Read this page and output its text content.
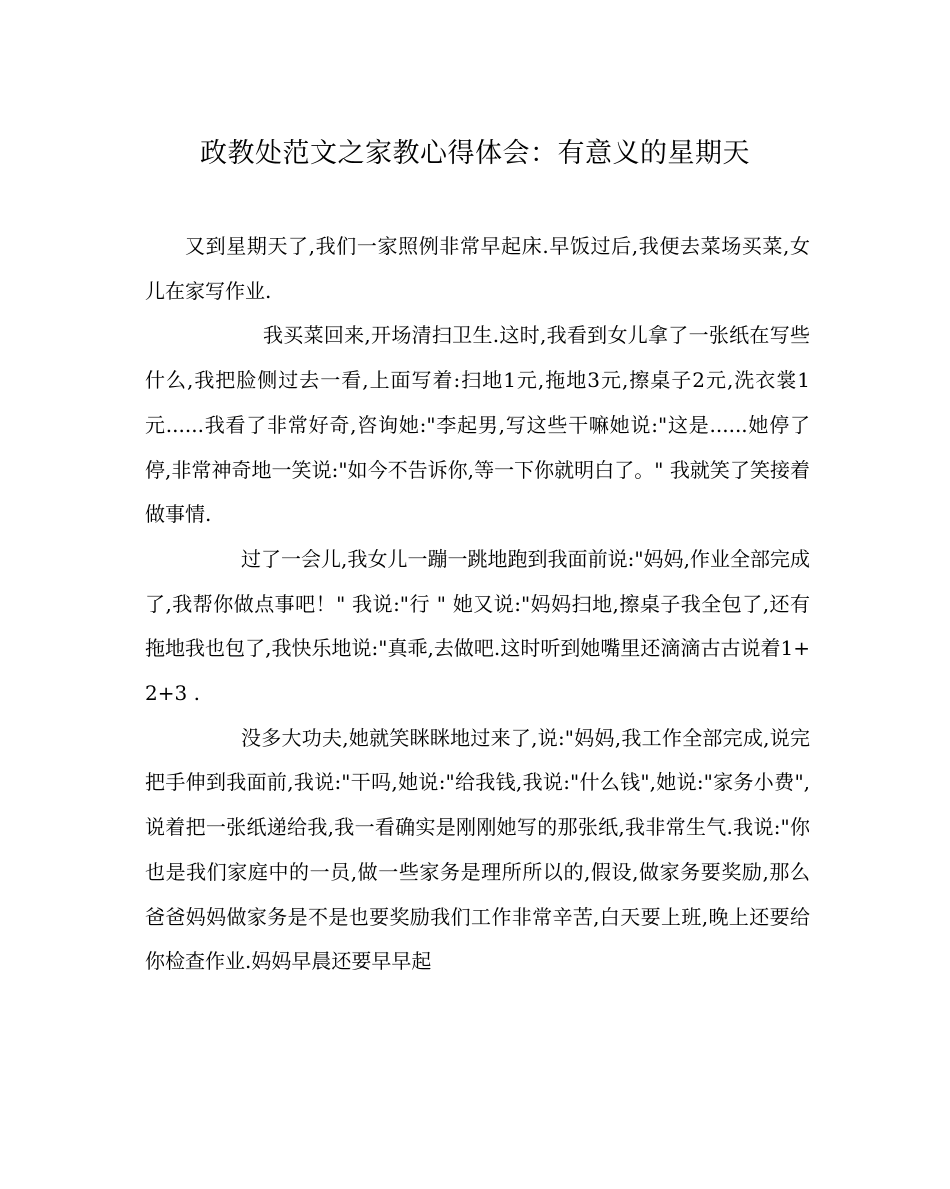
政教处范文之家教心得体会：有意义的星期天

又到星期天了,我们一家照例非常早起床.早饭过后,我便去菜场买菜,女儿在家写作业.

我买菜回来,开场清扫卫生.这时,我看到女儿拿了一张纸在写些什么,我把脸侧过去一看,上面写着:扫地1元,拖地3元,擦桌子2元,洗衣裳1元......我看了非常好奇,咨询她:"李起男,写这些干嘛她说:"这是......她停了停,非常神奇地一笑说:"如今不告诉你,等一下你就明白了。" 我就笑了笑接着做事情.

过了一会儿,我女儿一蹦一跳地跑到我面前说:"妈妈,作业全部完成了,我帮你做点事吧！" 我说:"行 " 她又说:"妈妈扫地,擦桌子我全包了,还有拖地我也包了,我快乐地说:"真乖,去做吧.这时听到她嘴里还滴滴古古说着1+2+3 .

没多大功夫,她就笑眯眯地过来了,说:"妈妈,我工作全部完成,说完把手伸到我面前,我说:"干吗,她说:"给我钱,我说:"什么钱",她说:"家务小费",说着把一张纸递给我,我一看确实是刚刚她写的那张纸,我非常生气.我说:"你也是我们家庭中的一员,做一些家务是理所所以的,假设,做家务要奖励,那么爸爸妈妈做家务是不是也要奖励我们工作非常辛苦,白天要上班,晚上还要给你检查作业.妈妈早晨还要早早起
